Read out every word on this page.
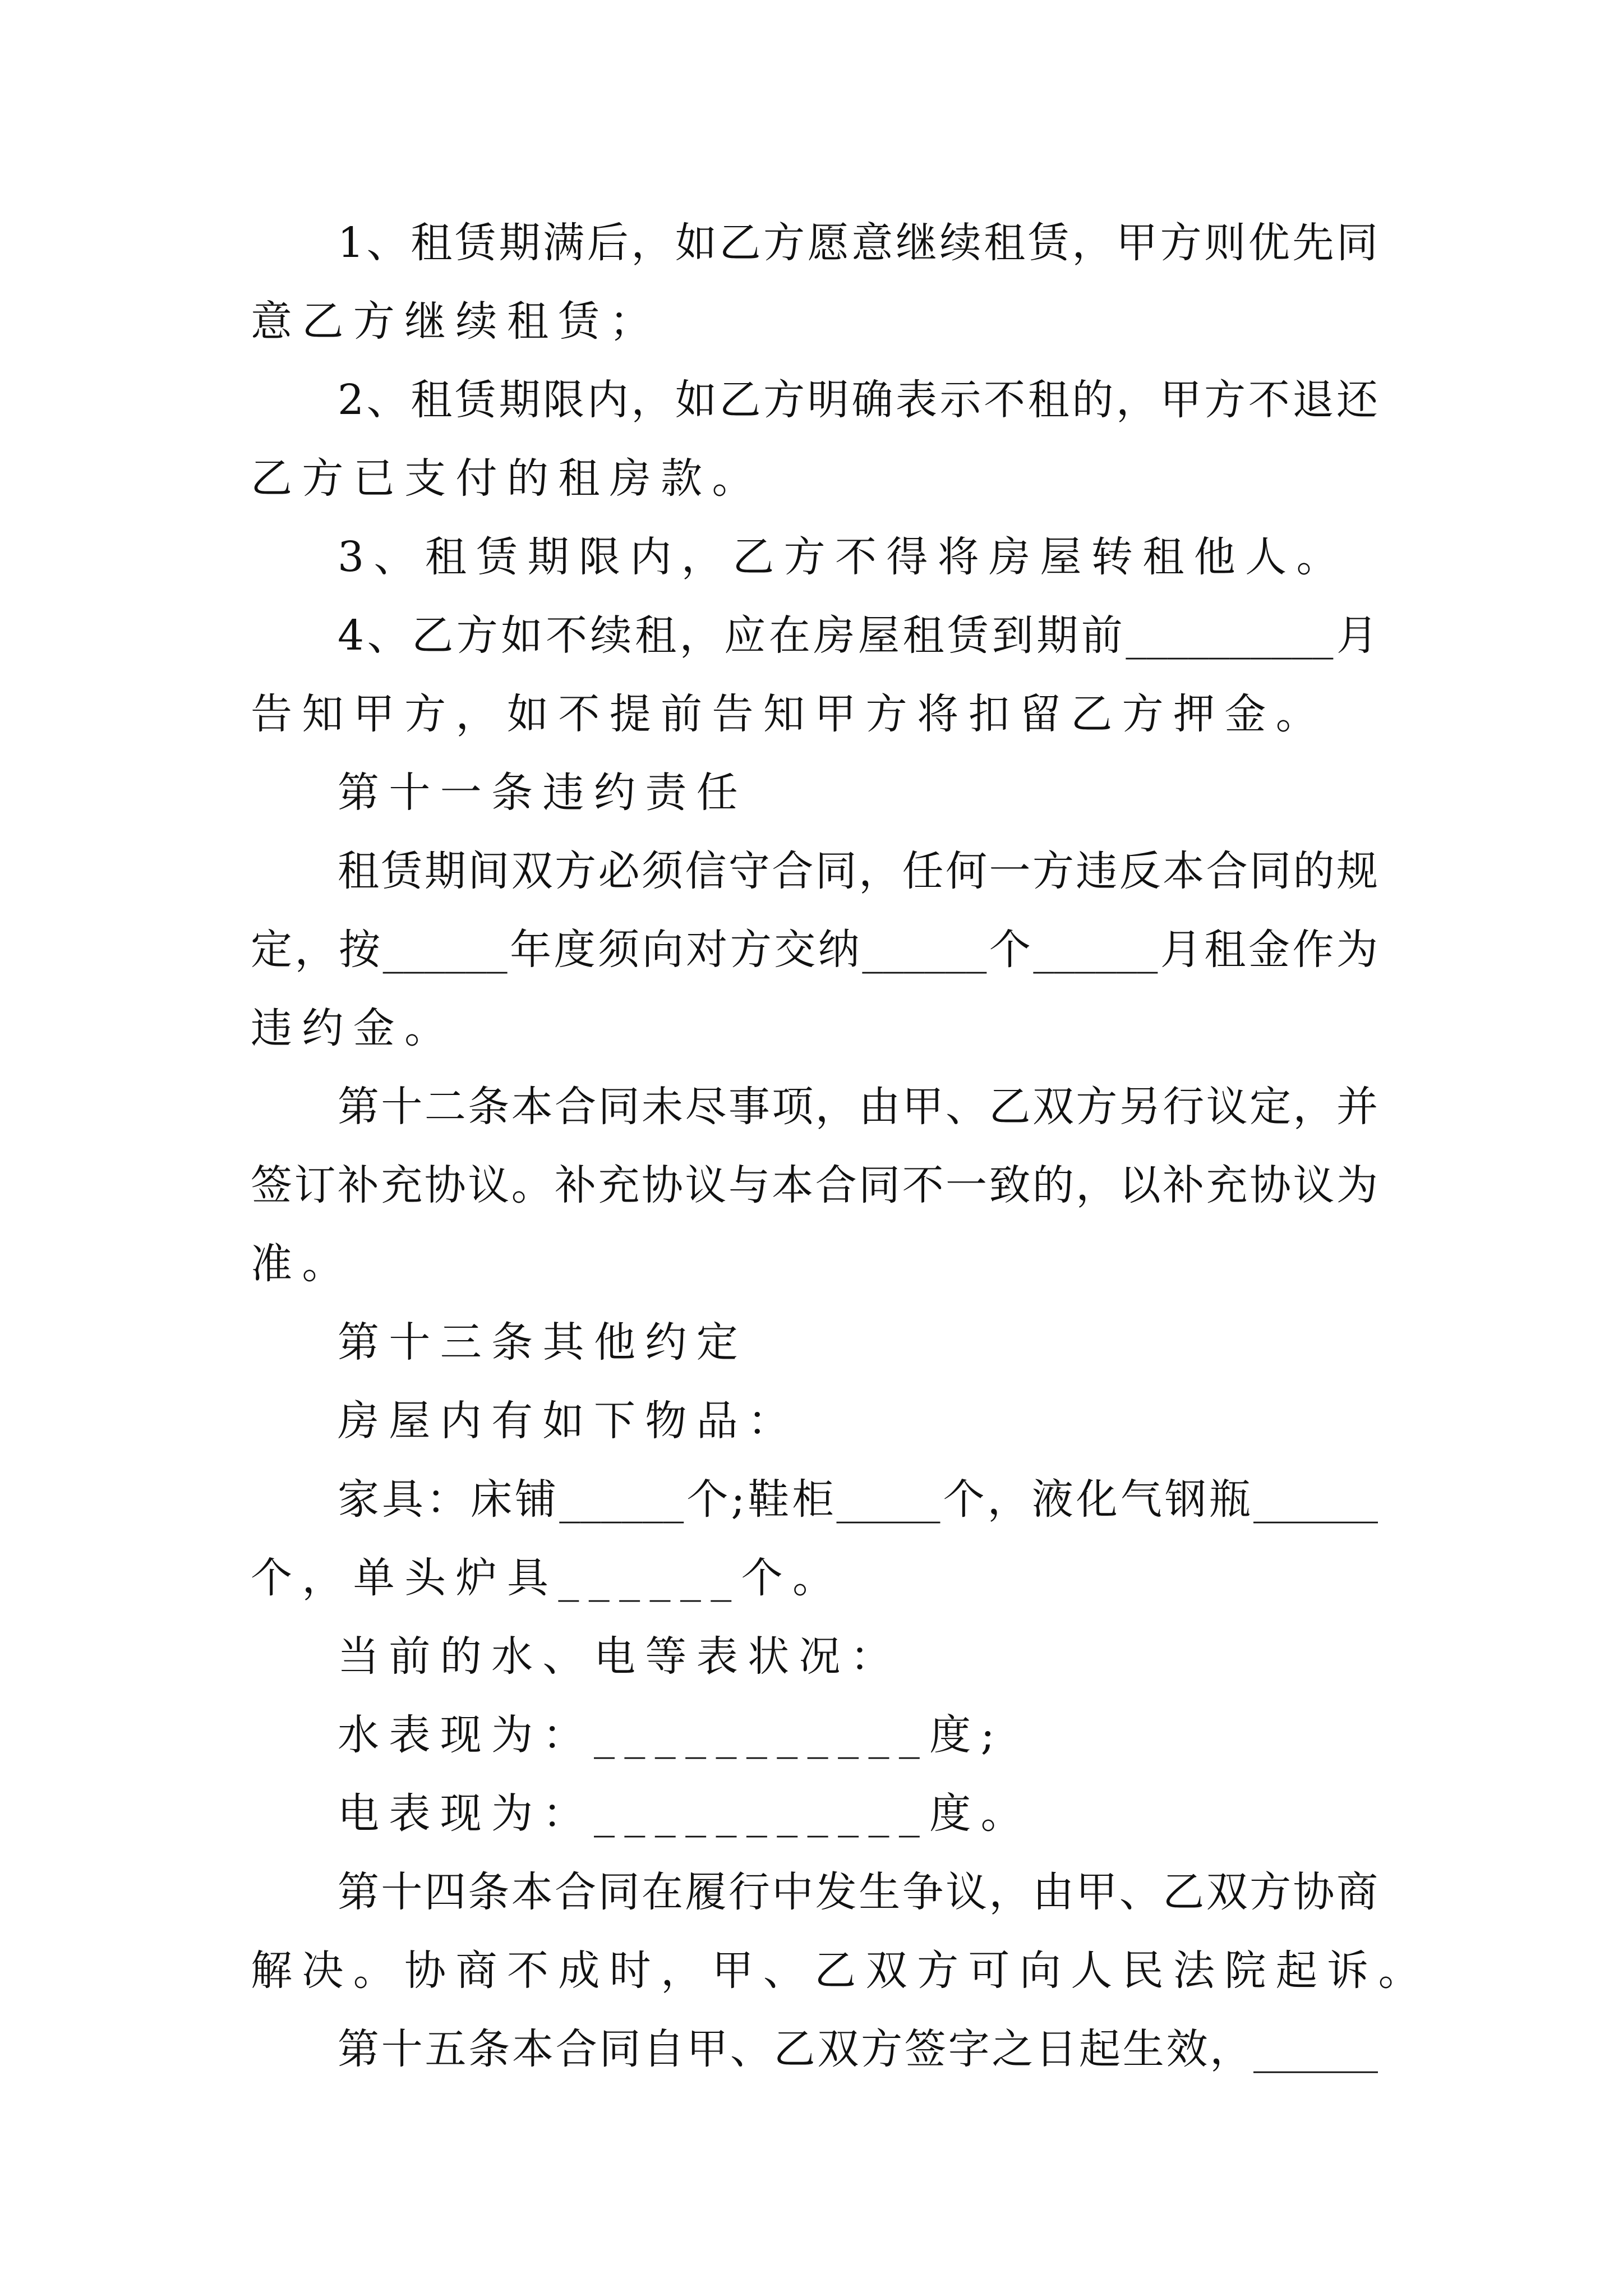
1、租赁期满后，如乙方愿意继续租赁，甲方则优先同
意乙方继续租赁；
2、租赁期限内，如乙方明确表示不租的，甲方不退还
乙方已支付的租房款。
3、租赁期限内，乙方不得将房屋转租他人。
4、乙方如不续租，应在房屋租赁到期前__________月
告知甲方，如不提前告知甲方将扣留乙方押金。
第十一条违约责任
租赁期间双方必须信守合同，任何一方违反本合同的规
定，按______年度须向对方交纳______个______月租金作为
违约金。
第十二条本合同未尽事项，由甲、乙双方另行议定，并
签订补充协议。补充协议与本合同不一致的，以补充协议为
准。
第十三条其他约定
房屋内有如下物品：
家具：床铺______个;鞋柜_____个，液化气钢瓶______
个，单头炉具______个。
当前的水、电等表状况：
水表现为：___________度;
电表现为：___________度。
第十四条本合同在履行中发生争议，由甲、乙双方协商
解决。协商不成时，甲、乙双方可向人民法院起诉。
第十五条本合同自甲、乙双方签字之日起生效，______
